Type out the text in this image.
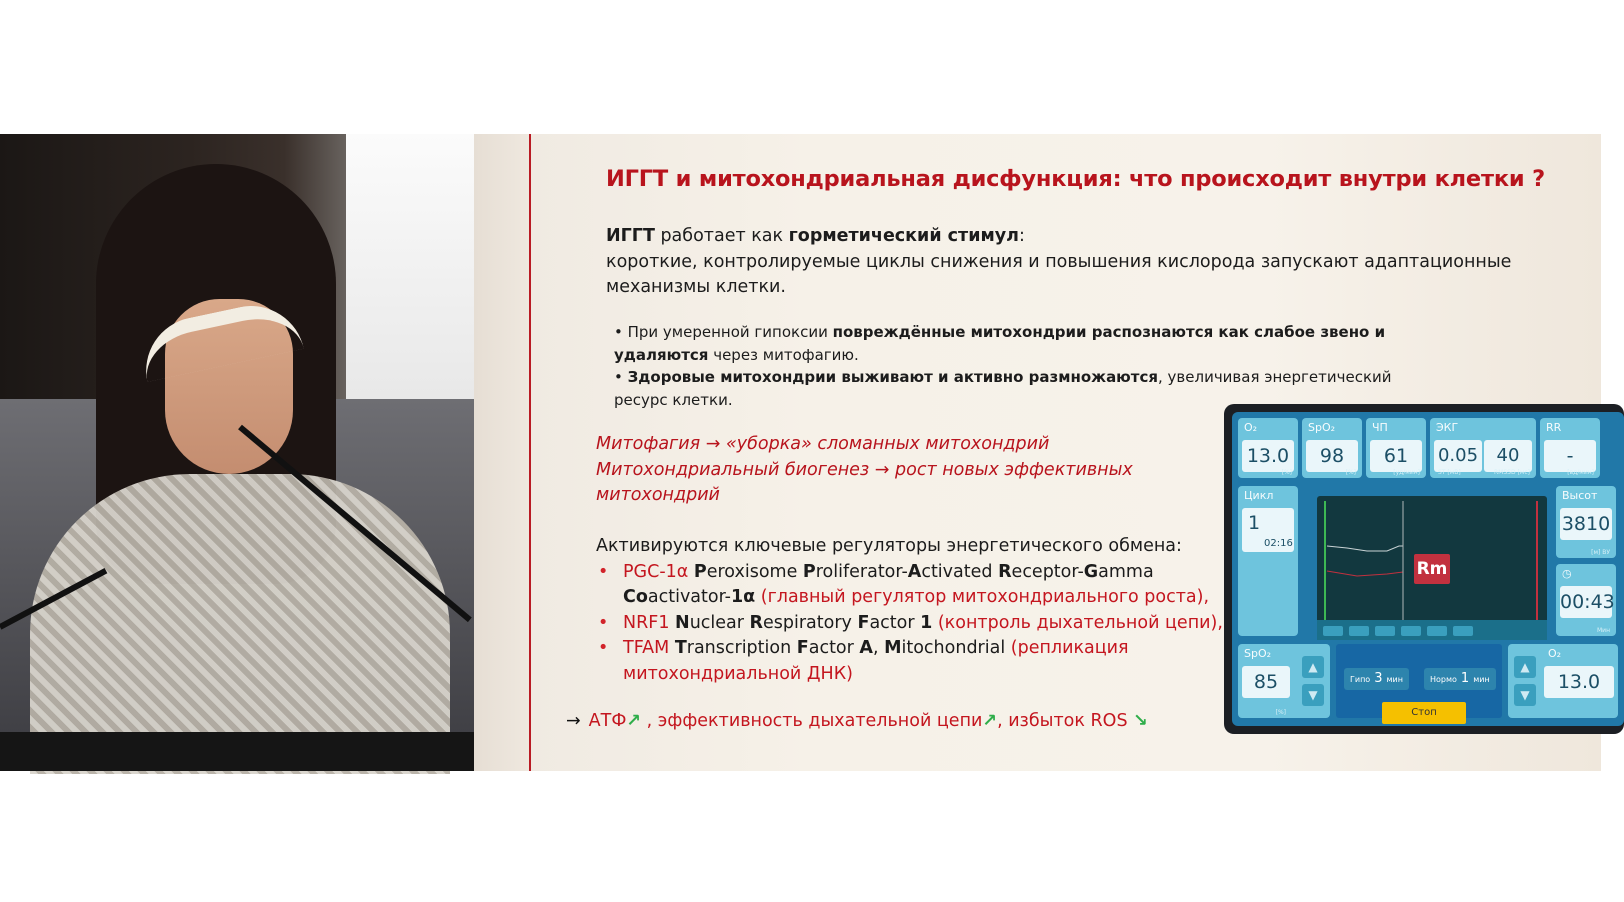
ИГГТ и митохондриальная дисфункция: что происходит внутри клетки ?
ИГГТ работает как горметический стимул:
короткие, контролируемые циклы снижения и повышения кислорода запускают адаптационные механизмы клетки.

• При умеренной гипоксии повреждённые митохондрии распознаются как слабое звено и удаляются через митофагию.

• Здоровые митохондрии выживают и активно размножаются, увеличивая энергетический ресурс клетки.

Митофагия → «уборка» сломанных митохондрий

Митохондриальный биогенез → рост новых эффективных митохондрий

Активируются ключевые регуляторы энергетического обмена:

• PGC-1α Peroxisome Proliferator-Activated Receptor-Gamma Coactivator-1α (главный регулятор митохондриального роста),
• NRF1 Nuclear Respiratory Factor 1 (контроль дыхательной цепи),
• TFAM Transcription Factor A, Mitochondrial (репликация митохондриальной ДНК)
→ АТФ↗ , эффективность дыхательной цепи↗, избыток ROS ↘
O₂
13.0
[%]
SpO₂
98
[%]
ЧП
61
[уд/мин]
ЭКГ
0.05	40
ST [мВ]	RMSSD [мс]
RR
-
[вд/мин]
Цикл
1
02:16
Rm
Высот
3810
[м] ВУ
◷
00:43
Мин
SpO₂
85
[%]
▲
▼
Гипо 3 мин	Нормо 1 мин
Стоп
▲
▼
O₂
13.0
